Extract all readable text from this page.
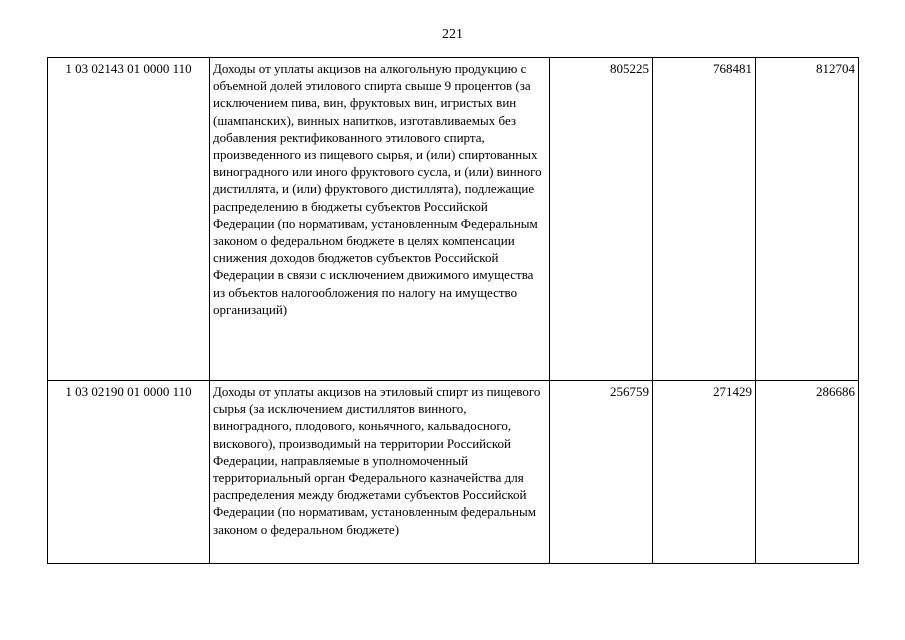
221
1 03 02143 01 0000 110	Доходы от уплаты акцизов на алкогольную продукцию с объемной долей этилового спирта свыше 9 процентов (за исключением пива, вин, фруктовых вин, игристых вин (шампанских), винных напитков, изготавливаемых без добавления ректификованного этилового спирта, произведенного из пищевого сырья, и (или) спиртованных виноградного или иного фруктового сусла, и (или) винного дистиллята, и (или) фруктового дистиллята), подлежащие распределению в бюджеты субъектов Российской Федерации (по нормативам, установленным Федеральным законом о федеральном бюджете в целях компенсации снижения доходов бюджетов субъектов Российской Федерации в связи с исключением движимого имущества из объектов налогообложения по налогу на имущество организаций)	805225	768481	812704
1 03 02190 01 0000 110	Доходы от уплаты акцизов на этиловый спирт из пищевого сырья (за исключением дистиллятов винного, виноградного, плодового, коньячного, кальвадосного, вискового), производимый на территории Российской Федерации, направляемые в уполномоченный территориальный орган Федерального казначейства для распределения между бюджетами субъектов Российской Федерации (по нормативам, установленным федеральным законом о федеральном бюджете)	256759	271429	286686
